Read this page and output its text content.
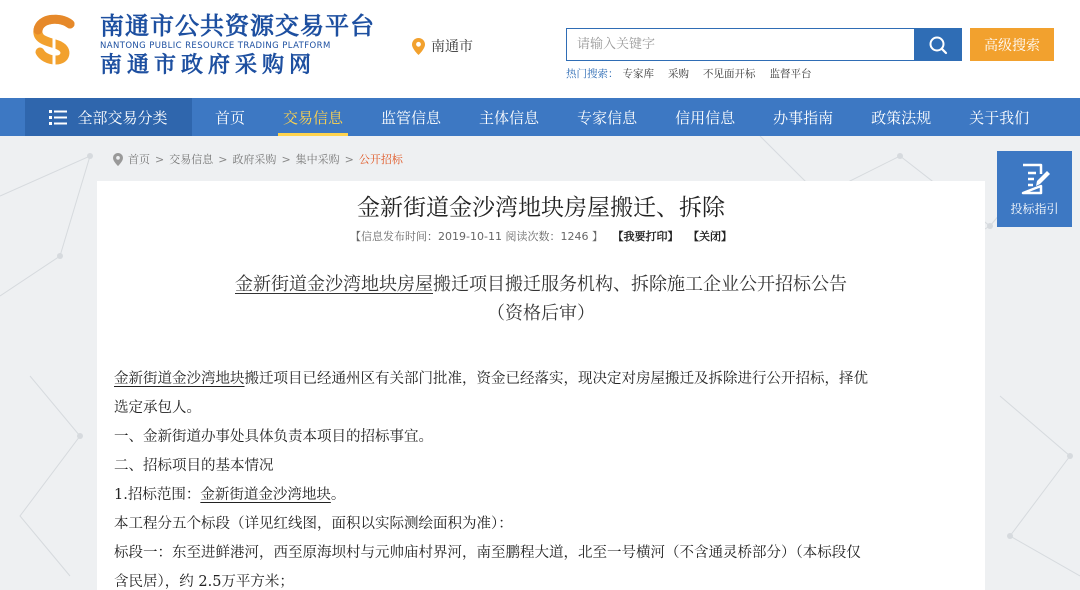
南通市公共资源交易平台
NANTONG PUBLIC RESOURCE TRADING PLATFORM
南通市政府采购网
南通市
请输入关键字	高级搜索
热门搜索： 专家库 采购 不见面开标 监督平台
全部交易分类	首页	交易信息	监管信息	主体信息	专家信息	信用信息	办事指南	政策法规	关于我们
首页 > 交易信息 > 政府采购 > 集中采购 > 公开招标
投标指引
金新街道金沙湾地块房屋搬迁、拆除
【信息发布时间：2019-10-11 阅读次数：1246 】 【我要打印】 【关闭】
金新街道金沙湾地块房屋搬迁项目搬迁服务机构、拆除施工企业公开招标公告
（资格后审）
金新街道金沙湾地块搬迁项目已经通州区有关部门批准，资金已经落实，现决定对房屋搬迁及拆除进行公开招标，择优
选定承包人。
一、金新街道办事处具体负责本项目的招标事宜。
二、招标项目的基本情况
1.招标范围：金新街道金沙湾地块。
本工程分五个标段（详见红线图，面积以实际测绘面积为准）：
标段一：东至进鲜港河，西至原海坝村与元帅庙村界河，南至鹏程大道，北至一号横河（不含通灵桥部分）（本标段仅
含民居），约 2.5万平方米；
